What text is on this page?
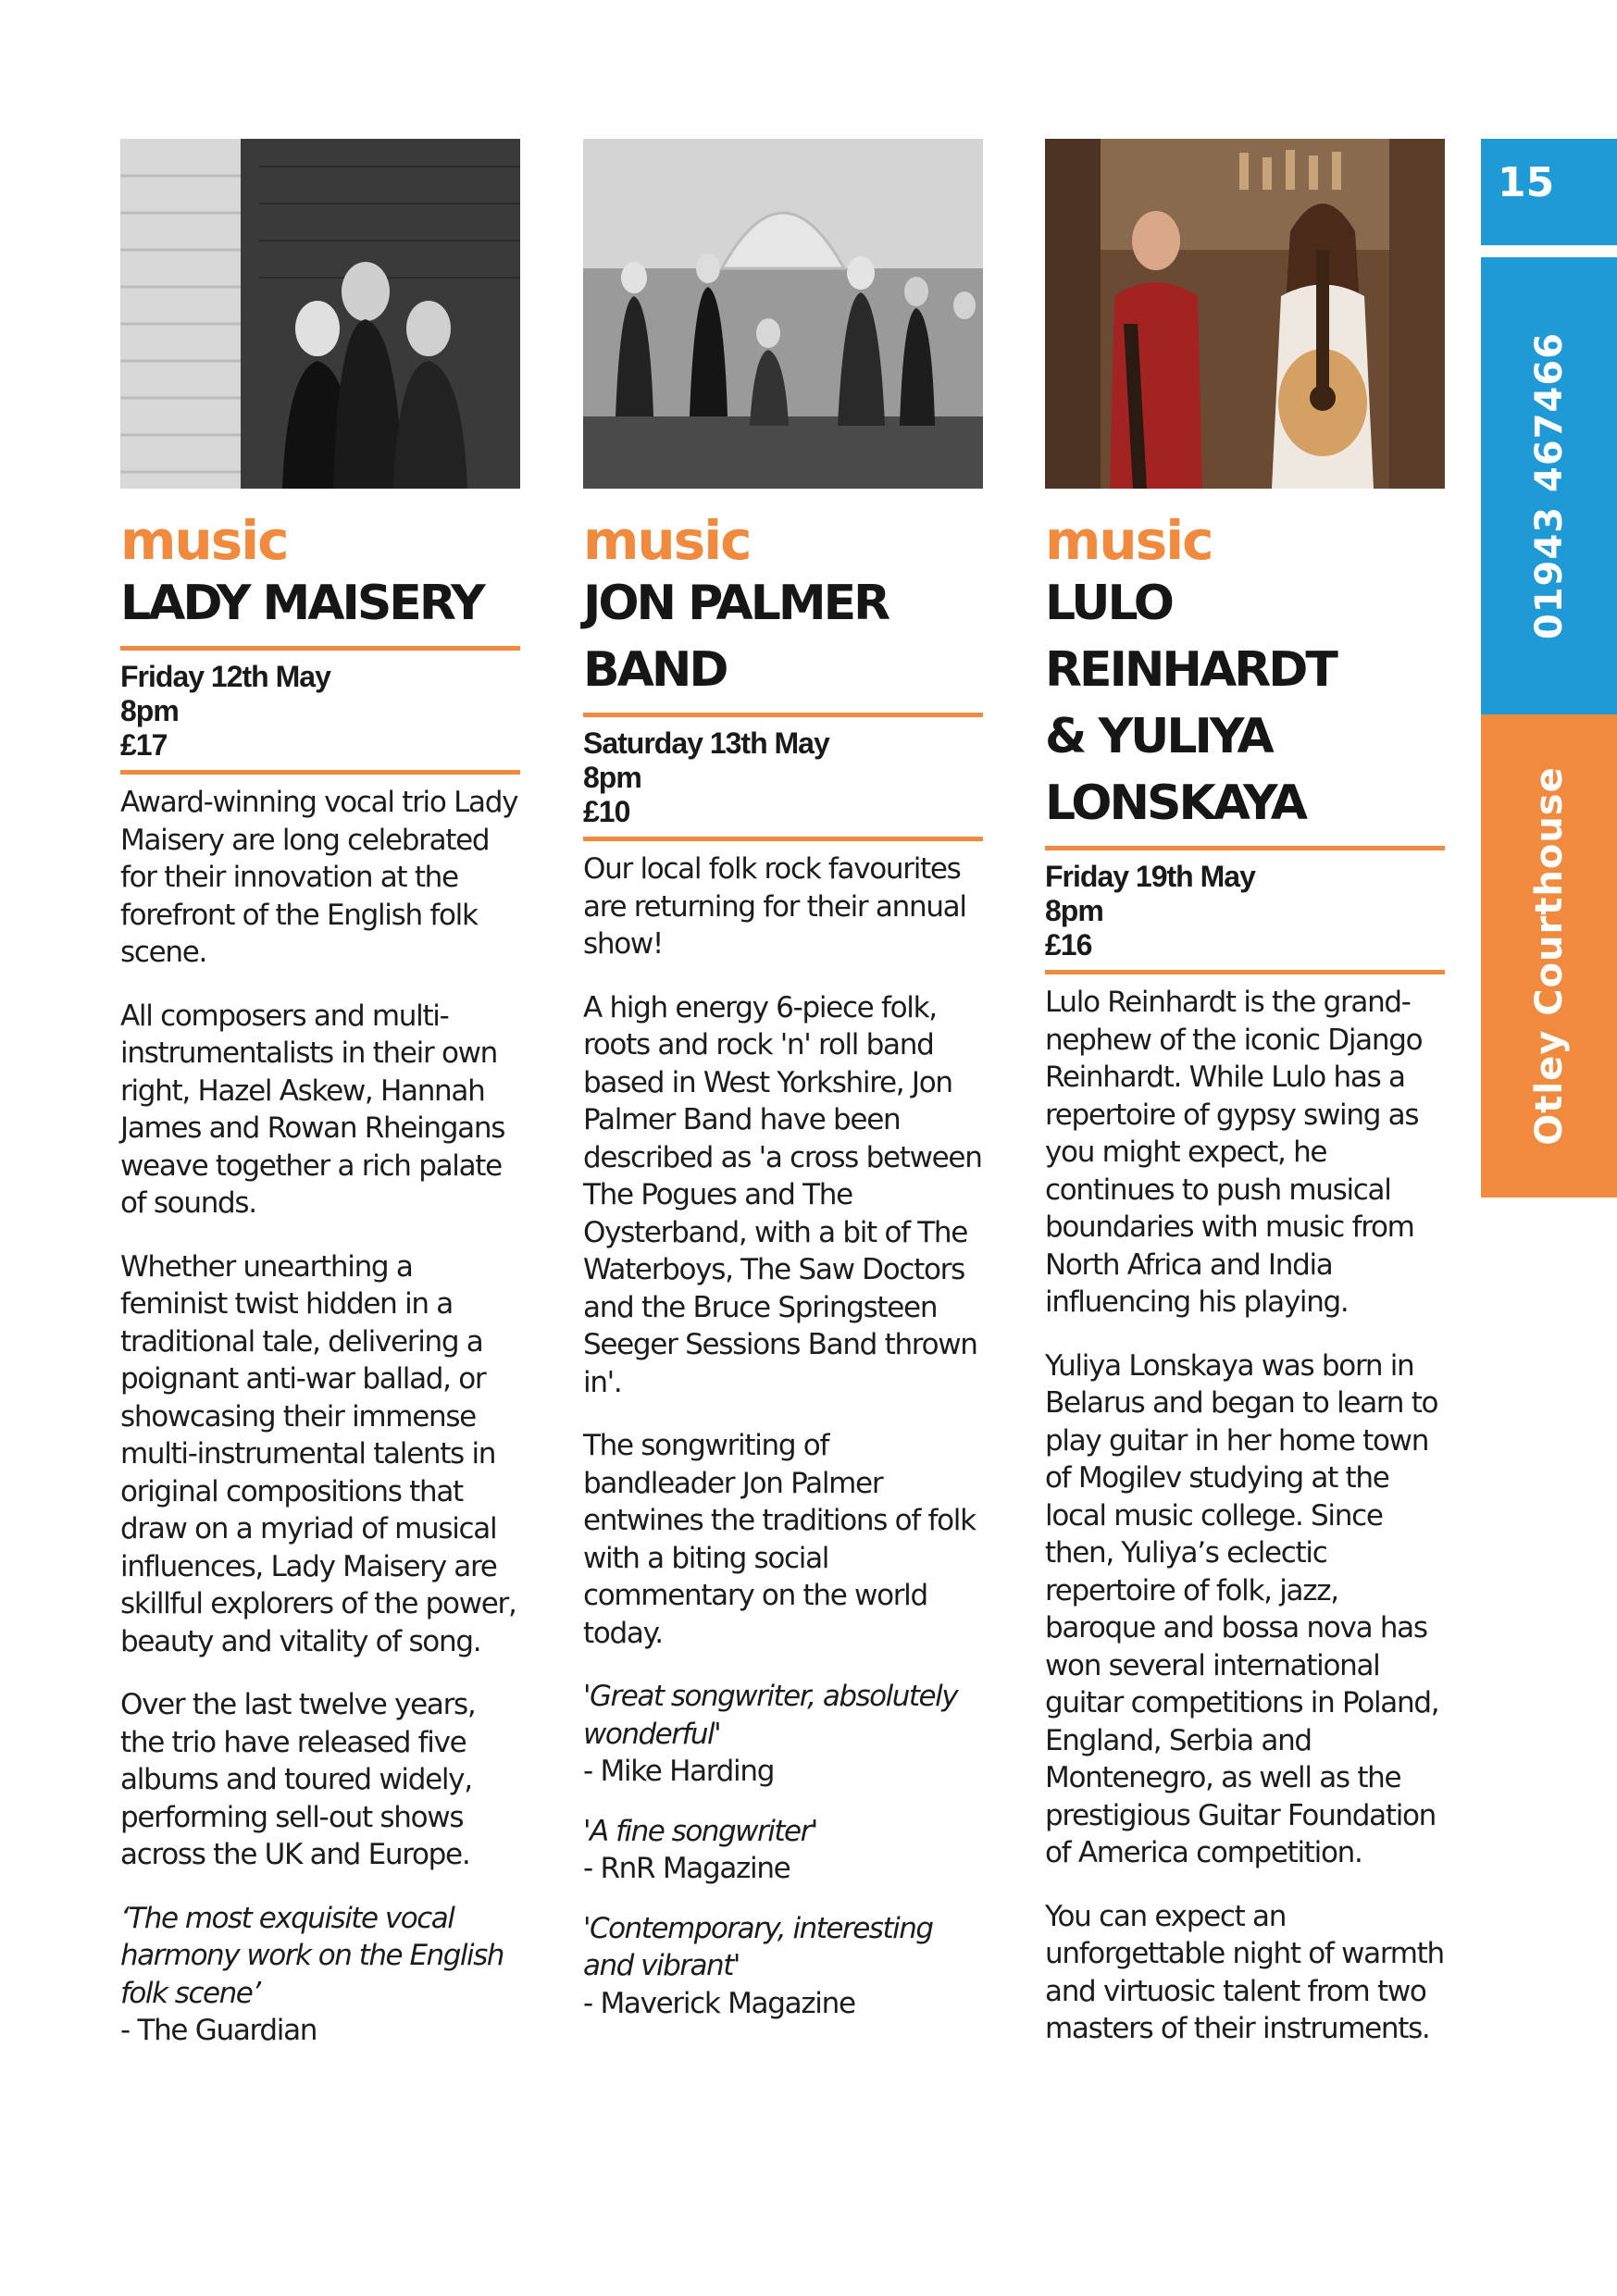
15
01943 467466
Otley Courthouse
music
LADY MAISERY
Friday 12th May
8pm
£17

Award-winning vocal trio Lady Maisery are long celebrated for their innovation at the forefront of the English folk scene.

All composers and multi-instrumentalists in their own right, Hazel Askew, Hannah James and Rowan Rheingans weave together a rich palate of sounds.

Whether unearthing a feminist twist hidden in a traditional tale, delivering a poignant anti-war ballad, or showcasing their immense multi-instrumental talents in original compositions that draw on a myriad of musical influences, Lady Maisery are skillful explorers of the power, beauty and vitality of song.

Over the last twelve years, the trio have released five albums and toured widely, performing sell-out shows across the UK and Europe.

‘The most exquisite vocal harmony work on the English folk scene’
- The Guardian
music
JON PALMER
BAND
Saturday 13th May
8pm
£10

Our local folk rock favourites are returning for their annual show!

A high energy 6-piece folk, roots and rock 'n' roll band based in West Yorkshire, Jon Palmer Band have been described as 'a cross between The Pogues and The Oysterband, with a bit of The Waterboys, The Saw Doctors and the Bruce Springsteen Seeger Sessions Band thrown in'.

The songwriting of bandleader Jon Palmer entwines the traditions of folk with a biting social commentary on the world today.

'Great songwriter, absolutely wonderful'
- Mike Harding
'A fine songwriter'
- RnR Magazine
'Contemporary, interesting and vibrant'
- Maverick Magazine
music
LULO REINHARDT
& YULIYA
LONSKAYA
Friday 19th May
8pm
£16

Lulo Reinhardt is the grand-nephew of the iconic Django Reinhardt. While Lulo has a repertoire of gypsy swing as you might expect, he continues to push musical boundaries with music from North Africa and India influencing his playing.

Yuliya Lonskaya was born in Belarus and began to learn to play guitar in her home town of Mogilev studying at the local music college. Since then, Yuliya’s eclectic repertoire of folk, jazz, baroque and bossa nova has won several international guitar competitions in Poland, England, Serbia and Montenegro, as well as the prestigious Guitar Foundation of America competition.

You can expect an unforgettable night of warmth and virtuosic talent from two masters of their instruments.
